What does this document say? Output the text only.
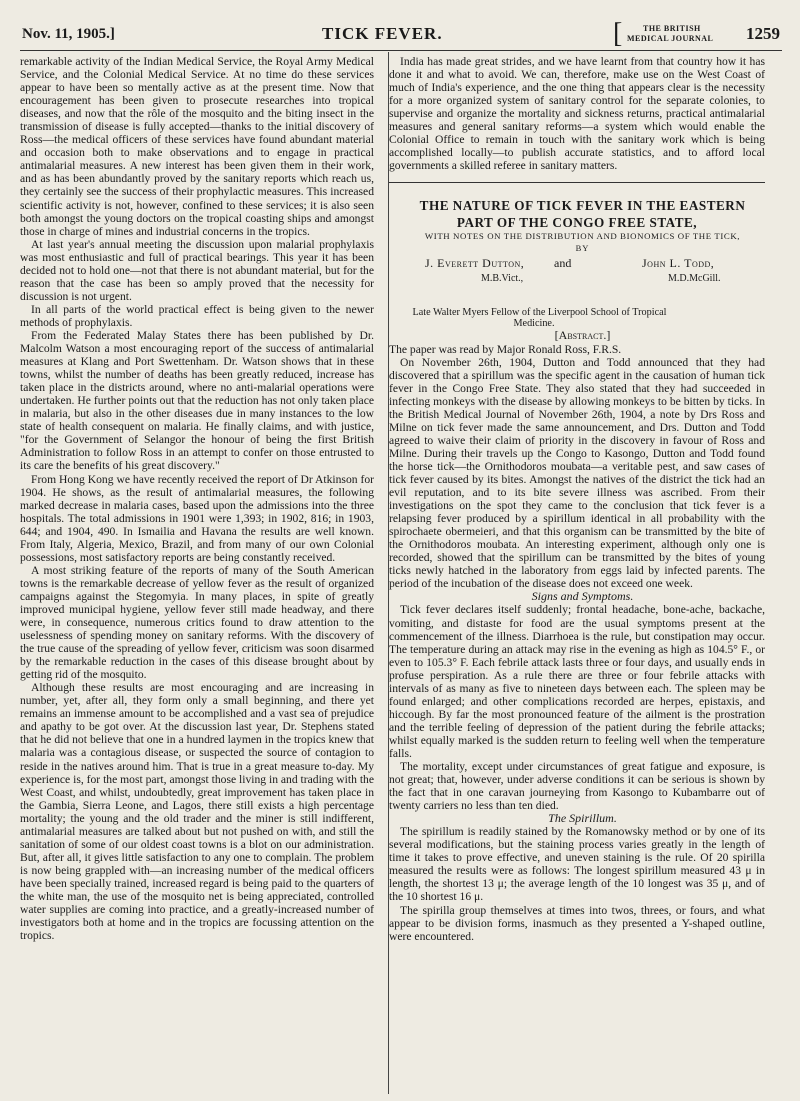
Nov. 11, 1905.]	TICK FEVER.	[	THE BRITISH
MEDICAL JOURNAL 1259

remarkable activity of the Indian Medical Service, the Royal Army Medical Service, and the Colonial Medical Service. At no time do these services appear to have been so mentally active as at the present time. Now that encouragement has been given to prosecute researches into tropical diseases, and now that the rôle of the mosquito and the biting insect in the transmission of disease is fully accepted—thanks to the initial discovery of Ross—the medical officers of these services have found abundant material and occasion both to make observations and to engage in practical antimalarial measures. A new interest has been given them in their work, and as has been abundantly proved by the sanitary reports which reach us, they certainly see the success of their prophylactic measures. This increased scientific activity is not, however, confined to these services; it is also seen both amongst the young doctors on the tropical coasting ships and amongst those in charge of mines and industrial concerns in the tropics.

At last year's annual meeting the discussion upon malarial prophylaxis was most enthusiastic and full of practical bearings. This year it has been decided not to hold one—not that there is not abundant material, but for the reason that the case has been so amply proved that the necessity for discussion is not urgent.

In all parts of the world practical effect is being given to the newer methods of prophylaxis.

From the Federated Malay States there has been published by Dr. Malcolm Watson a most encouraging report of the success of antimalarial measures at Klang and Port Swettenham. Dr. Watson shows that in these towns, whilst the number of deaths has been greatly reduced, increase has taken place in the districts around, where no anti-malarial operations were undertaken. He further points out that the reduction has not only taken place in malaria, but also in the other diseases due in many instances to the low state of health consequent on malaria. He finally claims, and with justice, "for the Government of Selangor the honour of being the first British Administration to follow Ross in an attempt to confer on those entrusted to its care the benefits of his great discovery."

From Hong Kong we have recently received the report of Dr Atkinson for 1904. He shows, as the result of antimalarial measures, the following marked decrease in malaria cases, based upon the admissions into the three hospitals. The total admissions in 1901 were 1,393; in 1902, 816; in 1903, 644; and 1904, 490. In Ismailia and Havana the results are well known. From Italy, Algeria, Mexico, Brazil, and from many of our own Colonial possessions, most satisfactory reports are being constantly received.

A most striking feature of the reports of many of the South American towns is the remarkable decrease of yellow fever as the result of organized campaigns against the Stegomyia. In many places, in spite of greatly improved municipal hygiene, yellow fever still made headway, and there were, in consequence, numerous critics found to draw attention to the uselessness of spending money on sanitary reforms. With the discovery of the true cause of the spreading of yellow fever, criticism was soon disarmed by the remarkable reduction in the cases of this disease brought about by getting rid of the mosquito.

Although these results are most encouraging and are increasing in number, yet, after all, they form only a small beginning, and there yet remains an immense amount to be accomplished and a vast sea of prejudice and apathy to be got over. At the discussion last year, Dr. Stephens stated that he did not believe that one in a hundred laymen in the tropics knew that malaria was a contagious disease, or suspected the source of contagion to reside in the natives around him. That is true in a great measure to-day. My experience is, for the most part, amongst those living in and trading with the West Coast, and whilst, undoubtedly, great improvement has taken place in the Gambia, Sierra Leone, and Lagos, there still exists a high percentage mortality; the young and the old trader and the miner is still indifferent, antimalarial measures are talked about but not pushed on with, and still the sanitation of some of our oldest coast towns is a blot on our administration. But, after all, it gives little satisfaction to any one to complain. The problem is now being grappled with—an increasing number of the medical officers have been specially trained, increased regard is being paid to the quarters of the white man, the use of the mosquito net is being appreciated, controlled water supplies are coming into practice, and a greatly-increased number of investigators both at home and in the tropics are focussing attention on the tropics.

India has made great strides, and we have learnt from that country how it has done it and what to avoid. We can, therefore, make use on the West Coast of much of India's experience, and the one thing that appears clear is the necessity for a more organized system of sanitary control for the separate colonies, to supervise and organize the mortality and sickness returns, practical antimalarial measures and general sanitary reforms—a system which would enable the Colonial Office to remain in touch with the sanitary work which is being accomplished locally—to publish accurate statistics, and to afford local governments a skilled referee in sanitary matters.

THE NATURE OF TICK FEVER IN THE EASTERN PART OF THE CONGO FREE STATE,

WITH NOTES ON THE DISTRIBUTION AND BIONOMICS OF THE TICK,

BY

J. Everett Dutton, and	John L. Todd,
M.B.Vict.,	M.D.McGill.

Late Walter Myers Fellow of the Liverpool School of Tropical Medicine.

[Abstract.]

The paper was read by Major Ronald Ross, F.R.S.

On November 26th, 1904, Dutton and Todd announced that they had discovered that a spirillum was the specific agent in the causation of human tick fever in the Congo Free State. They also stated that they had succeeded in infecting monkeys with the disease by allowing monkeys to be bitten by ticks. In the British Medical Journal of November 26th, 1904, a note by Drs Ross and Milne on tick fever made the same announcement, and Drs. Dutton and Todd agreed to waive their claim of priority in the discovery in favour of Ross and Milne. During their travels up the Congo to Kasongo, Dutton and Todd found the horse tick—the Ornithodoros moubata—a veritable pest, and saw cases of tick fever caused by its bites. Amongst the natives of the district the tick had an evil reputation, and to its bite severe illness was ascribed. From their investigations on the spot they came to the conclusion that tick fever is a relapsing fever produced by a spirillum identical in all probability with the spirochaete obermeieri, and that this organism can be transmitted by the bite of the Ornithodoros moubata. An interesting experiment, although only one is recorded, showed that the spirillum can be transmitted by the bites of young ticks newly hatched in the laboratory from eggs laid by infected parents. The period of the incubation of the disease does not exceed one week.

Signs and Symptoms.

Tick fever declares itself suddenly; frontal headache, bone-ache, backache, vomiting, and distaste for food are the usual symptoms present at the commencement of the illness. Diarrhoea is the rule, but constipation may occur. The temperature during an attack may rise in the evening as high as 104.5° F., or even to 105.3° F. Each febrile attack lasts three or four days, and usually ends in profuse perspiration. As a rule there are three or four febrile attacks with intervals of as many as five to nineteen days between each. The spleen may be found enlarged; and other complications recorded are herpes, epistaxis, and hiccough. By far the most pronounced feature of the ailment is the prostration and the terrible feeling of depression of the patient during the febrile attacks; whilst equally marked is the sudden return to feeling well when the temperature falls.

The mortality, except under circumstances of great fatigue and exposure, is not great; that, however, under adverse conditions it can be serious is shown by the fact that in one caravan journeying from Kasongo to Kubambarre out of twenty carriers no less than ten died.

The Spirillum.

The spirillum is readily stained by the Romanowsky method or by one of its several modifications, but the staining process varies greatly in the length of time it takes to prove effective, and uneven staining is the rule. Of 20 spirilla measured the results were as follows: The longest spirillum measured 43 μ in length, the shortest 13 μ; the average length of the 10 longest was 35 μ, and of the 10 shortest 16 μ.

The spirilla group themselves at times into twos, threes, or fours, and what appear to be division forms, inasmuch as they presented a Y-shaped outline, were encountered.
